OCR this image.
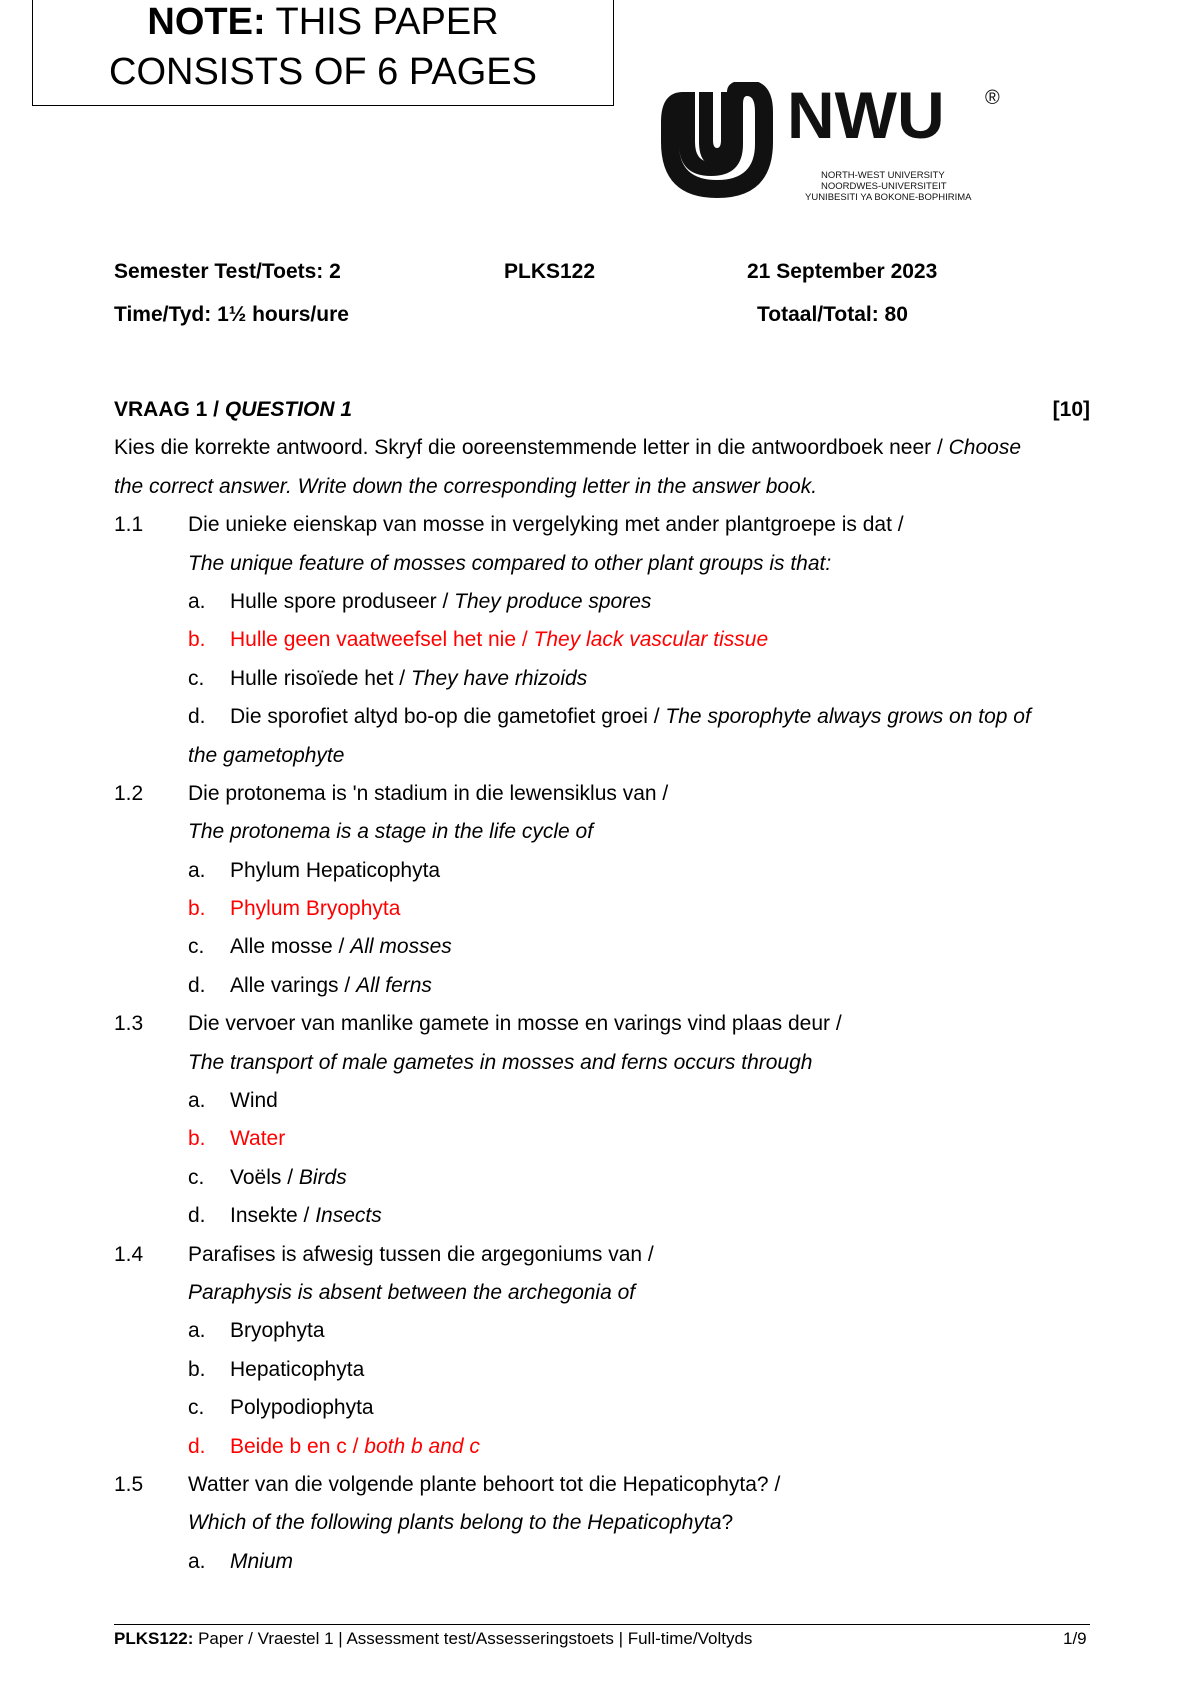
NOTE: THIS PAPER
CONSISTS OF 6 PAGES
NWU ®
NORTH-WEST UNIVERSITY
NOORDWES-UNIVERSITEIT
YUNIBESITI YA BOKONE-BOPHIRIMA
Semester Test/Toets: 2	PLKS122	21 September 2023
Time/Tyd: 1½ hours/ure	Totaal/Total: 80
VRAAG 1 / QUESTION 1	[10]
Kies die korrekte antwoord. Skryf die ooreenstemmende letter in die antwoordboek neer / Choose
the correct answer. Write down the corresponding letter in the answer book.
1.1 Die unieke eienskap van mosse in vergelyking met ander plantgroepe is dat /
The unique feature of mosses compared to other plant groups is that:
a. Hulle spore produseer / They produce spores
b. Hulle geen vaatweefsel het nie / They lack vascular tissue
c. Hulle risoïede het / They have rhizoids
d. Die sporofiet altyd bo-op die gametofiet groei / The sporophyte always grows on top of
the gametophyte
1.2 Die protonema is 'n stadium in die lewensiklus van /
The protonema is a stage in the life cycle of
a. Phylum Hepaticophyta
b. Phylum Bryophyta
c. Alle mosse / All mosses
d. Alle varings / All ferns
1.3 Die vervoer van manlike gamete in mosse en varings vind plaas deur /
The transport of male gametes in mosses and ferns occurs through
a. Wind
b. Water
c. Voëls / Birds
d. Insekte / Insects
1.4 Parafises is afwesig tussen die argegoniums van /
Paraphysis is absent between the archegonia of
a. Bryophyta
b. Hepaticophyta
c. Polypodiophyta
d. Beide b en c / both b and c
1.5 Watter van die volgende plante behoort tot die Hepaticophyta? /
Which of the following plants belong to the Hepaticophyta?
a. Mnium
PLKS122: Paper / Vraestel 1 | Assessment test/Assesseringstoets | Full-time/Voltyds	1/9
